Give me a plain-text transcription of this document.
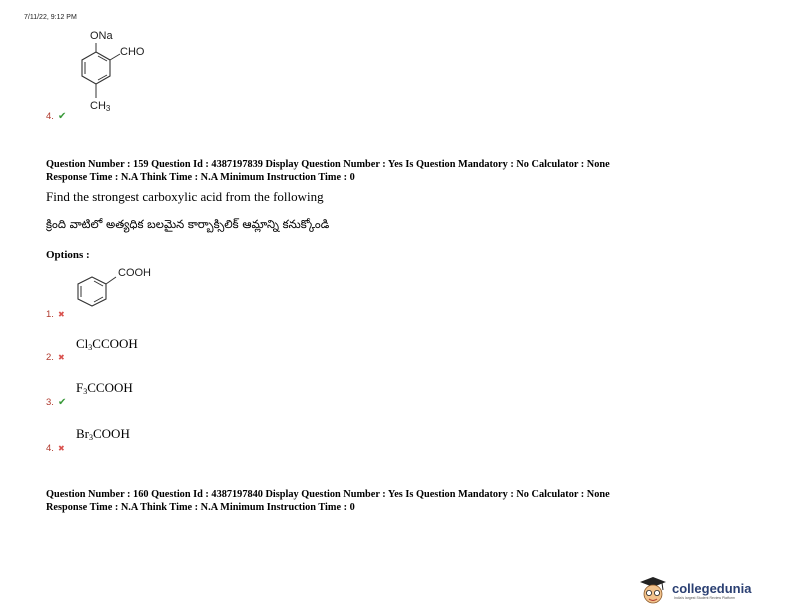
7/11/22, 9:12 PM
ONa
CHO
$CH_3$
4. ✔
Question Number : 159 Question Id : 4387197839 Display Question Number : Yes Is Question Mandatory : No Calculator : None
Response Time : N.A Think Time : N.A Minimum Instruction Time : 0
Find the strongest carboxylic acid from the following
క్రింది వాటిలో అత్యధిక బలమైన కార్బాక్సిలిక్ ఆమ్లాన్ని కనుక్కోండి
Options :
COOH
1. ✖
2. ✖
$Cl_3CCOOH$
3. ✔
$F_3CCOOH$
4. ✖
$Br_3COOH$
Question Number : 160 Question Id : 4387197840 Display Question Number : Yes Is Question Mandatory : No Calculator : None
Response Time : N.A Think Time : N.A Minimum Instruction Time : 0
collegedunia
India's largest Student Review Platform
